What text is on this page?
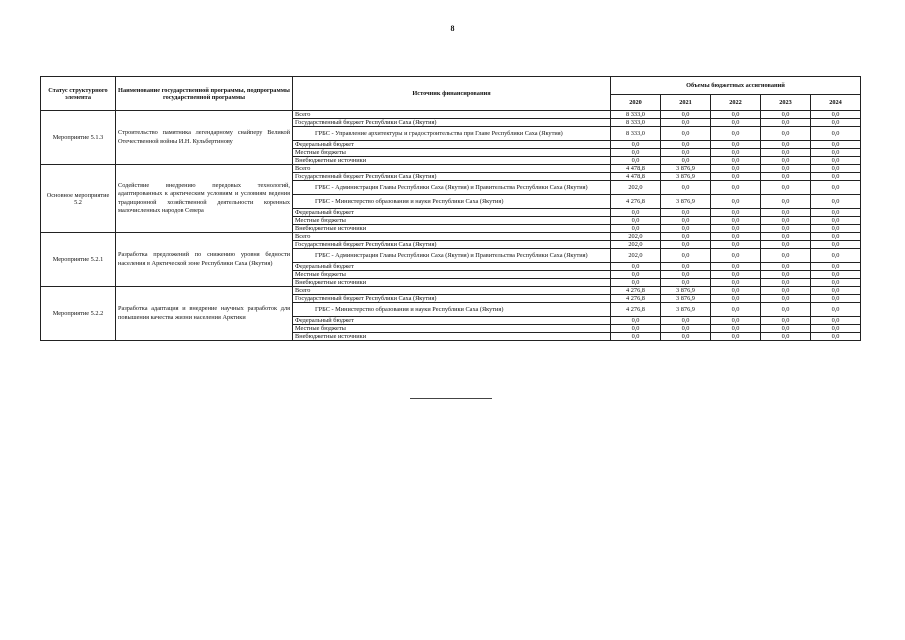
8
Статус структурного элемента	Наименование государственной программы, подпрограммы государственной программы	Источник финансирования	Объемы бюджетных ассигнований				
			2020	2021	2022	2023	2024
Мероприятие 5.1.3	Строительство памятника легендарному снайперу Великой Отечественной войны И.Н. Кульбертинову	Всего	8 333,0	0,0	0,0	0,0	0,0
		Государственный бюджет Республики Саха (Якутия)	8 333,0	0,0	0,0	0,0	0,0
		ГРБС - Управление архитектуры и градостроительства при Главе Республики Саха (Якутия)	8 333,0	0,0	0,0	0,0	0,0
		Федеральный бюджет	0,0	0,0	0,0	0,0	0,0
		Местные бюджеты	0,0	0,0	0,0	0,0	0,0
		Внебюджетные источники	0,0	0,0	0,0	0,0	0,0
Основное мероприятие 5.2	Содействие внедрению передовых технологий, адаптированных к арктическим условиям и условиям ведения традиционной хозяйственной деятельности коренных малочисленных народов Севера	Всего	4 478,8	3 876,9	0,0	0,0	0,0
		Государственный бюджет Республики Саха (Якутия)	4 478,8	3 876,9	0,0	0,0	0,0
		ГРБС - Администрация Главы Республики Саха (Якутия) и Правительства Республики Саха (Якутия)	202,0	0,0	0,0	0,0	0,0
		ГРБС - Министерство образования и науки Республики Саха (Якутия)	4 276,8	3 876,9	0,0	0,0	0,0
		Федеральный бюджет	0,0	0,0	0,0	0,0	0,0
		Местные бюджеты	0,0	0,0	0,0	0,0	0,0
		Внебюджетные источники	0,0	0,0	0,0	0,0	0,0
Мероприятие 5.2.1	Разработка предложений по снижению уровня бедности населения в Арктической зоне Республики Саха (Якутия)	Всего	202,0	0,0	0,0	0,0	0,0
		Государственный бюджет Республики Саха (Якутия)	202,0	0,0	0,0	0,0	0,0
		ГРБС - Администрация Главы Республики Саха (Якутия) и Правительства Республики Саха (Якутия)	202,0	0,0	0,0	0,0	0,0
		Федеральный бюджет	0,0	0,0	0,0	0,0	0,0
		Местные бюджеты	0,0	0,0	0,0	0,0	0,0
		Внебюджетные источники	0,0	0,0	0,0	0,0	0,0
Мероприятие 5.2.2	Разработка адаптация и внедрение научных разработок для повышения качества жизни населения Арктики	Всего	4 276,8	3 876,9	0,0	0,0	0,0
		Государственный бюджет Республики Саха (Якутия)	4 276,8	3 876,9	0,0	0,0	0,0
		ГРБС - Министерство образования и науки Республики Саха (Якутия)	4 276,8	3 876,9	0,0	0,0	0,0
		Федеральный бюджет	0,0	0,0	0,0	0,0	0,0
		Местные бюджеты	0,0	0,0	0,0	0,0	0,0
		Внебюджетные источники	0,0	0,0	0,0	0,0	0,0
